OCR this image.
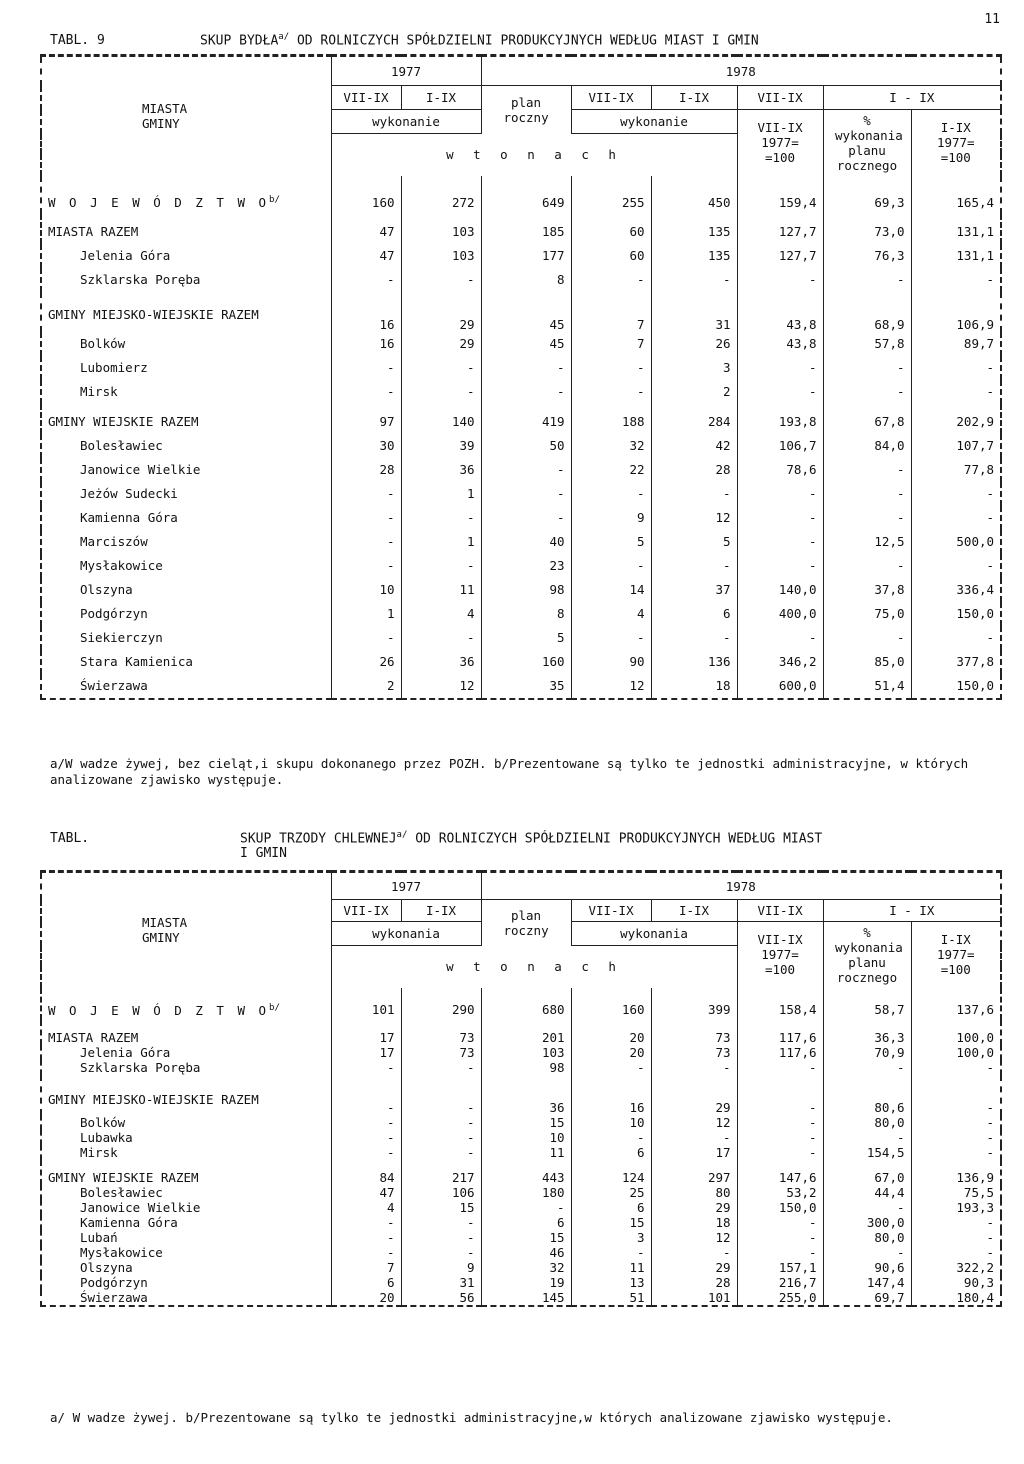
11
TABL. 9	SKUP $BYDŁA^{a/}$ OD ROLNICZYCH SPÓŁDZIELNI PRODUKCYJNYCH WEDŁUG MIAST I GMIN
MIASTA GMINY	1977		1978					
	VII-IX	I-IX	plan roczny	VII-IX	I-IX	VII-IX	I - IX	
	wykonanie			wykonanie		VII-IX 1977= =100	% wykonania planu rocznego	I-IX 1977= =100
	w t o n a c h							

W O J E W Ó D Z T W $O^{b/}$	160	272	649	255	450	159,4	69,3	165,4
MIASTA RAZEM	47	103	185	60	135	127,7	73,0	131,1
Jelenia Góra	47	103	177	60	135	127,7	76,3	131,1
Szklarska Poręba	-	-	8	-	-	-	-	-
GMINY MIEJSKO-WIEJSKIE RAZEM	16	29	45	7	31	43,8	68,9	106,9
Bolków	16	29	45	7	26	43,8	57,8	89,7
Lubomierz	-	-	-	-	3	-	-	-
Mirsk	-	-	-	-	2	-	-	-
GMINY WIEJSKIE RAZEM	97	140	419	188	284	193,8	67,8	202,9
Bolesławiec	30	39	50	32	42	106,7	84,0	107,7
Janowice Wielkie	28	36	-	22	28	78,6	-	77,8
Jeżów Sudecki	-	1	-	-	-	-	-	-
Kamienna Góra	-	-	-	9	12	-	-	-
Marciszów	-	1	40	5	5	-	12,5	500,0
Mysłakowice	-	-	23	-	-	-	-	-
Olszyna	10	11	98	14	37	140,0	37,8	336,4
Podgórzyn	1	4	8	4	6	400,0	75,0	150,0
Siekierczyn	-	-	5	-	-	-	-	-
Stara Kamienica	26	36	160	90	136	346,2	85,0	377,8
Świerzawa	2	12	35	12	18	600,0	51,4	150,0
a/W wadze żywej, bez cieląt,i skupu dokonanego przez POZH. b/Prezentowane są tylko te jednostki administracyjne, w których analizowane zjawisko występuje.
TABL.	SKUP TRZODY $CHLEWNEJ^{a/}$ OD ROLNICZYCH SPÓŁDZIELNI PRODUKCYJNYCH WEDŁUG MIAST
I GMIN
MIASTA GMINY	1977		1978					
	VII-IX	I-IX	plan roczny	VII-IX	I-IX	VII-IX	I - IX	
	wykonania			wykonania		VII-IX 1977= =100	% wykonania planu rocznego	I-IX 1977= =100
	w t o n a c h							

W O J E W Ó D Z T W $O^{b/}$	101	290	680	160	399	158,4	58,7	137,6
MIASTA RAZEM	17	73	201	20	73	117,6	36,3	100,0
Jelenia Góra	17	73	103	20	73	117,6	70,9	100,0
Szklarska Poręba	-	-	98	-	-	-	-	-
GMINY MIEJSKO-WIEJSKIE RAZEM	-	-	36	16	29	-	80,6	-
Bolków	-	-	15	10	12	-	80,0	-
Lubawka	-	-	10	-	-	-	-	-
Mirsk	-	-	11	6	17	-	154,5	-
GMINY WIEJSKIE RAZEM	84	217	443	124	297	147,6	67,0	136,9
Bolesławiec	47	106	180	25	80	53,2	44,4	75,5
Janowice Wielkie	4	15	-	6	29	150,0	-	193,3
Kamienna Góra	-	-	6	15	18	-	300,0	-
Lubań	-	-	15	3	12	-	80,0	-
Mysłakowice	-	-	46	-	-	-	-	-
Olszyna	7	9	32	11	29	157,1	90,6	322,2
Podgórzyn	6	31	19	13	28	216,7	147,4	90,3
Świerzawa	20	56	145	51	101	255,0	69,7	180,4
a/ W wadze żywej. b/Prezentowane są tylko te jednostki administracyjne,w których analizowane zjawisko występuje.
